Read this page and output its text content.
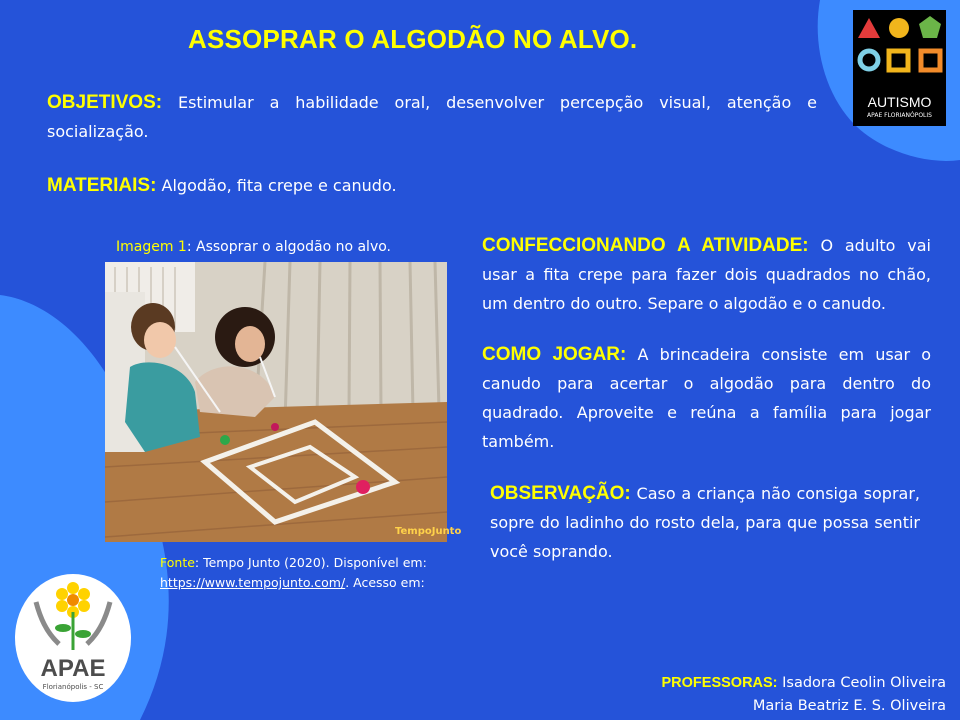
ASSOPRAR O ALGODÃO NO ALVO.
OBJETIVOS: Estimular a habilidade oral, desenvolver percepção visual, atenção e socialização.
MATERIAIS: Algodão, fita crepe e canudo.
Imagem 1: Assoprar o algodão no alvo.
TempoJunto
Fonte: Tempo Junto (2020). Disponível em:
https://www.tempojunto.com/. Acesso em:
CONFECCIONANDO A ATIVIDADE: O adulto vai usar a fita crepe para fazer dois quadrados no chão, um dentro do outro. Separe o algodão e o canudo.
COMO JOGAR: A brincadeira consiste em usar o canudo para acertar o algodão para dentro do quadrado. Aproveite e reúna a família para jogar também.
OBSERVAÇÃO: Caso a criança não consiga soprar, sopre do ladinho do rosto dela, para que possa sentir você soprando.
PROFESSORAS: Isadora Ceolin Oliveira
Maria Beatriz E. S. Oliveira
AUTISMO
APAE FLORIANÓPOLIS
APAE
Florianópolis - SC
